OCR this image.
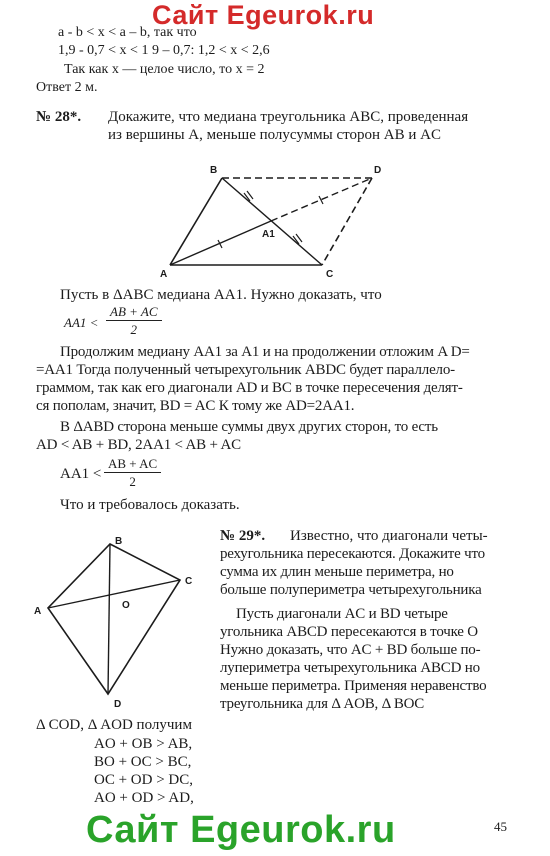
Сайт Egeurok.ru
a - b < x < a – b, так что
1,9 - 0,7 < x < 1 9 – 0,7: 1,2 < x < 2,6
Так как x — целое число, то x = 2
Ответ 2 м.
№ 28*. Докажите, что медиана треугольника ABC, проведенная
из вершины A, меньше полусуммы сторон AB и AC
A
B
C
D
A1
Пусть в ΔABC медиана AA1. Нужно доказать, что
$AA1 < \frac{AB + AC}{2}$
Продолжим медиану AA1 за A1 и на продолжении отложим A D=
=AA1 Тогда полученный четырехугольник ABDC будет параллело-
граммом, так как его диагонали AD и BC в точке пересечения делят-
ся пополам, значит, BD = AC К тому же AD=2AA1.
В ΔABD сторона меньше суммы двух других сторон, то есть
AD < AB + BD, 2AA1 < AB + AC
$AA1 < \frac{AB + AC}{2}$
Что и требовалось доказать.
B
C
A
D
O
№ 29*. Известно, что диагонали четы-
рехугольника пересекаются. Докажите что
сумма их длин меньше периметра, но
больше полупериметра четырехугольника
Пусть диагонали AC и BD четыре
угольника ABCD пересекаются в точке O
Нужно доказать, что AC + BD больше по-
лупериметра четырехугольника ABCD но
меньше периметра. Применяя неравенство
треугольника для Δ AOB, Δ BOC
Δ COD, Δ AOD получим
AO + OB > AB,
BO + OC > BC,
OC + OD > DC,
AO + OD > AD,
Сайт Egeurok.ru	45
